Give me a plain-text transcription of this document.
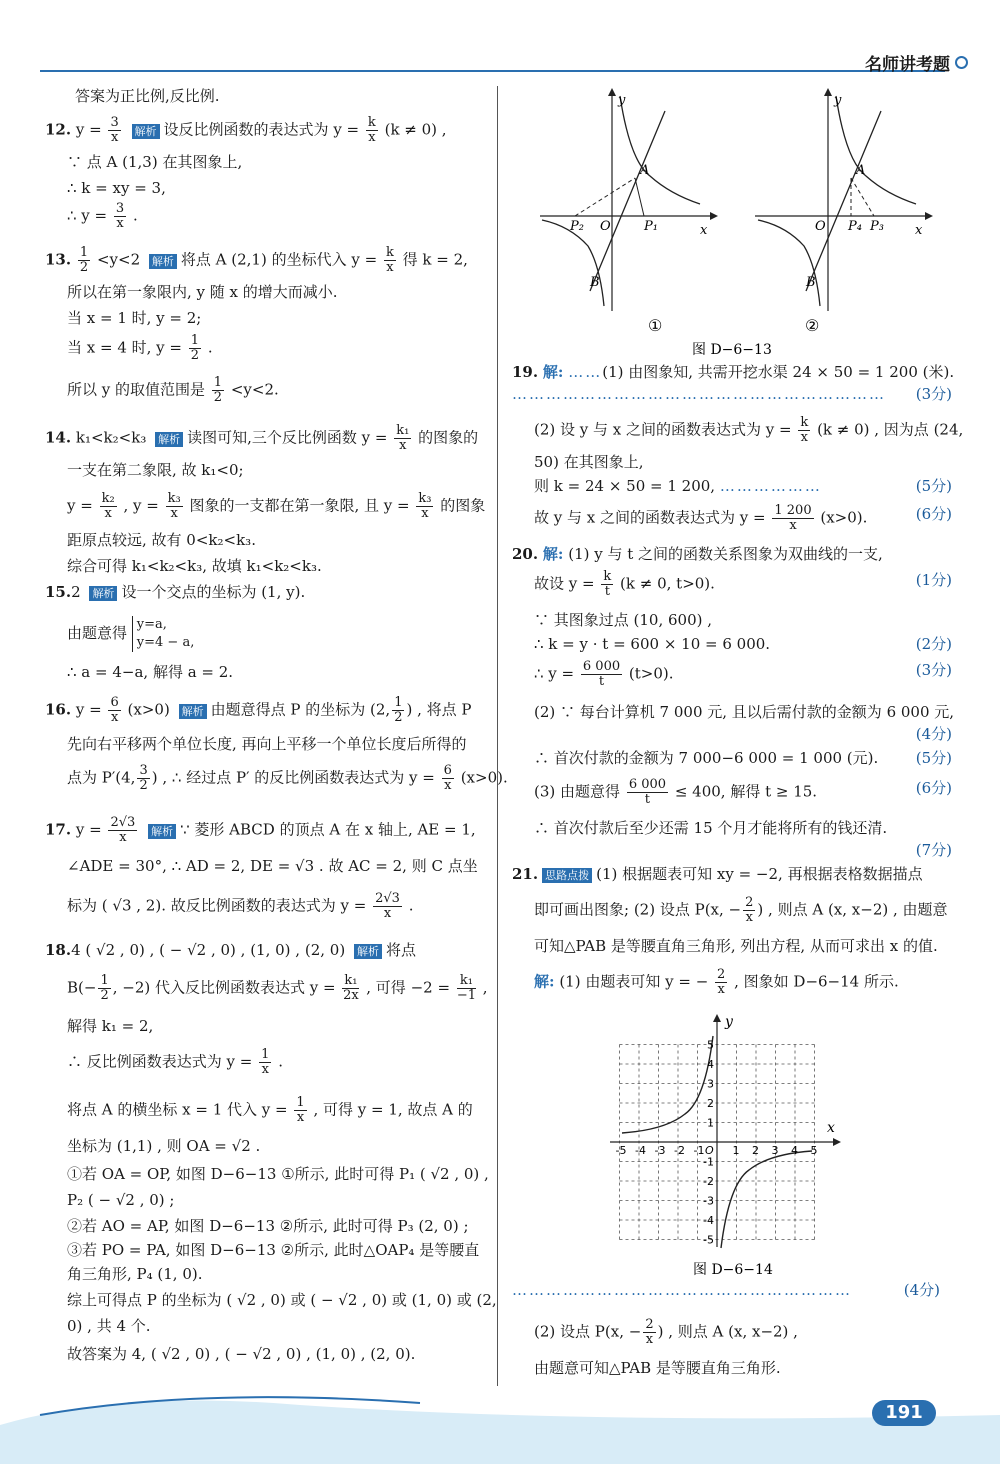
名师讲考题
答案为正比例,反比例.
12. $y = \frac{3}{x}$ 解析 设反比例函数的表达式为 $y = \frac{k}{x} (k \ne 0)$ ,
∵ 点 A (1,3) 在其图象上,
∴ k = xy = 3,
∴ $y = \frac{3}{x}$ .
13. $\frac{1}{2} <y<2$ 解析 将点 A (2,1) 的坐标代入 $y = \frac{k}{x}$ 得 k = 2,
所以在第一象限内, y 随 x 的增大而减小.
当 x = 1 时, y = 2;
当 x = 4 时, $y = \frac{1}{2}$ .
所以 y 的取值范围是 $\frac{1}{2} <y<2$.
14. k₁<k₂<k₃ 解析 读图可知,三个反比例函数 $y = \frac{\text{k₁}}{x}$ 的图象的
一支在第二象限, 故 k₁<0;
$y = \frac{\text{k₂}}{x}$ , $y = \frac{\text{k₃}}{x}$ 图象的一支都在第一象限, 且 $y = \frac{\text{k₃}}{x}$ 的图象
距原点较远, 故有 0<k₂<k₃.
综合可得 k₁<k₂<k₃, 故填 k₁<k₂<k₃.
15.2 解析 设一个交点的坐标为 (1, y).
由题意得 y=a,
y=4 − a,
∴ a = 4−a, 解得 a = 2.
16. $y = \frac{6}{x} (x>0)$ 解析 由题意得点 P 的坐标为 (2, $\frac{1}{2}$ ) , 将点 P
先向右平移两个单位长度, 再向上平移一个单位长度后所得的
点为 P′(4, $\frac{3}{2}$ ) , ∴ 经过点 P′ 的反比例函数表达式为 $y = \frac{6}{x} (x>0)$.
17. $y = \frac{2√3}{x}$ 解析 ∵ 菱形 ABCD 的顶点 A 在 x 轴上, AE = 1,
∠ADE = 30°, ∴ AD = 2, DE = √3 . 故 AC = 2, 则 C 点坐
标为 ( √3 , 2). 故反比例函数的表达式为 $y = \frac{2√3}{x}$ .
18.4 ( √2 , 0) , ( − √2 , 0) , (1, 0) , (2, 0) 解析 将点
$B(- \frac{1}{2}$ , −2) 代入反比例函数表达式 $y = \frac{\text{k₁}}{2x}$ , 可得 $-2 = \frac{\text{k₁}}{-1}$ ,
解得 k₁ = 2,
∴ 反比例函数表达式为 $y = \frac{1}{x}$ .
将点 A 的横坐标 x = 1 代入 $y = \frac{1}{x}$ , 可得 y = 1, 故点 A 的
坐标为 (1,1) , 则 OA = √2 .
①若 OA = OP, 如图 D−6−13 ①所示, 此时可得 P₁ ( √2 , 0) ,
P₂ ( − √2 , 0) ;
②若 AO = AP, 如图 D−6−13 ②所示, 此时可得 P₃ (2, 0) ;
③若 PO = PA, 如图 D−6−13 ②所示, 此时△OAP₄ 是等腰直
角三角形, P₄ (1, 0).
综上可得点 P 的坐标为 ( √2 , 0) 或 ( − √2 , 0) 或 (1, 0) 或 (2,
0) , 共 4 个.
故答案为 4, ( √2 , 0) , ( − √2 , 0) , (1, 0) , (2, 0).
A
B
O
P₂	P₁
y
x
①
A
B
O P₄ P₃
y
x
②
图 D−6−13
19. 解: ……(1) 由图象知, 共需开挖水渠 24 × 50 = 1 200 (米).
………………………………………………………… (3分)
(2) 设 y 与 x 之间的函数表达式为 $y = \frac{k}{x} (k \ne 0)$ , 因为点 (24,
50) 在其图象上,
则 k = 24 × 50 = 1 200, ………………	(5分)
故 y 与 x 之间的函数表达式为 $y = \frac{1 200}{x} (x>0)$.	(6分)
20. 解: (1) y 与 t 之间的函数关系图象为双曲线的一支,
故设 $y = \frac{k}{t} (k \ne 0$, t>0).	(1分)
∵ 其图象过点 (10, 600) ,
∴ k = y · t = 600 × 10 = 6 000.	(2分)
∴ $y = \frac{6 000}{t} (t>0)$.	(3分)
(2) ∵ 每台计算机 7 000 元, 且以后需付款的金额为 6 000 元,
(4分)
∴ 首次付款的金额为 7 000−6 000 = 1 000 (元). (5分)
(3) 由题意得 $\frac{6 000}{t} \le 400$, 解得 t ≥ 15.	(6分)
∴ 首次付款后至少还需 15 个月才能将所有的钱还清.
(7分)
21. 思路点拨 (1) 根据题表可知 xy = −2, 再根据表格数据描点
即可画出图象; (2) 设点 P(x, − $\frac{2}{x}$ ) , 则点 A (x, x−2) , 由题意
可知△PAB 是等腰直角三角形, 列出方程, 从而可求出 x 的值.
解: (1) 由题表可知 y = − $\frac{2}{x}$ , 图象如 D−6−14 所示.
-5 -4 -3 -2 -1	1 2 3 4 5
5
4
3
2
1
-1
-2
-3
-4
-5
O
y
x
图 D−6−14
……………………………………………………	(4分)
(2) 设点 P(x, − $\frac{2}{x}$ ) , 则点 A (x, x−2) ,
由题意可知△PAB 是等腰直角三角形.
191
